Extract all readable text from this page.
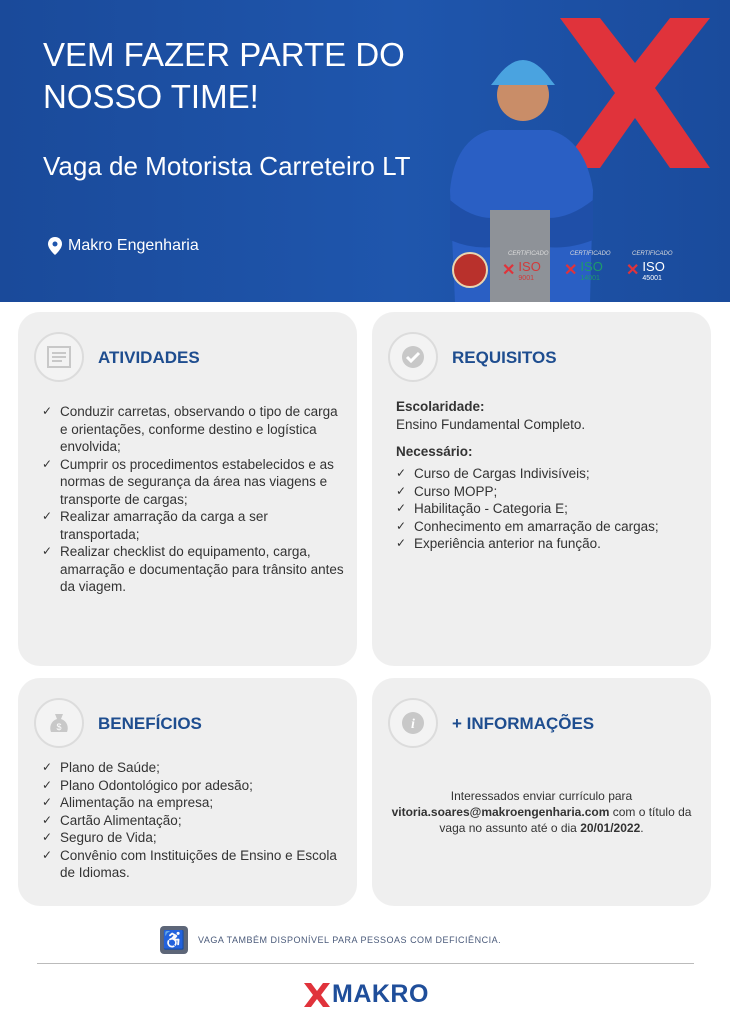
VEM FAZER PARTE DO NOSSO TIME!
Vaga de Motorista Carreteiro LT
Makro Engenharia	CERTIFICADO
✕ ISO
9001
CERTIFICADO
✕ ISO
14001
CERTIFICADO
✕ ISO
45001
ATIVIDADES
✓ Conduzir carretas, observando o tipo de carga e orientações, conforme destino e logística envolvida;
✓ Cumprir os procedimentos estabelecidos e as normas de segurança da área nas viagens e transporte de cargas;
✓ Realizar amarração da carga a ser transportada;
✓ Realizar checklist do equipamento, carga, amarração e documentação para trânsito antes da viagem.
REQUISITOS
Escolaridade:
Ensino Fundamental Completo.
Necessário:
✓ Curso de Cargas Indivisíveis;
✓ Curso MOPP;
✓ Habilitação - Categoria E;
✓ Conhecimento em amarração de cargas;
✓ Experiência anterior na função.
$ BENEFÍCIOS
✓ Plano de Saúde;
✓ Plano Odontológico por adesão;
✓ Alimentação na empresa;
✓ Cartão Alimentação;
✓ Seguro de Vida;
✓ Convênio com Instituições de Ensino e Escola de Idiomas.
i + INFORMAÇÕES
Interessados enviar currículo para
vitoria.soares@makroengenharia.com com o título da vaga no assunto até o dia 20/01/2022.
♿	VAGA TAMBÉM DISPONÍVEL PARA PESSOAS COM DEFICIÊNCIA.
MAKRO
